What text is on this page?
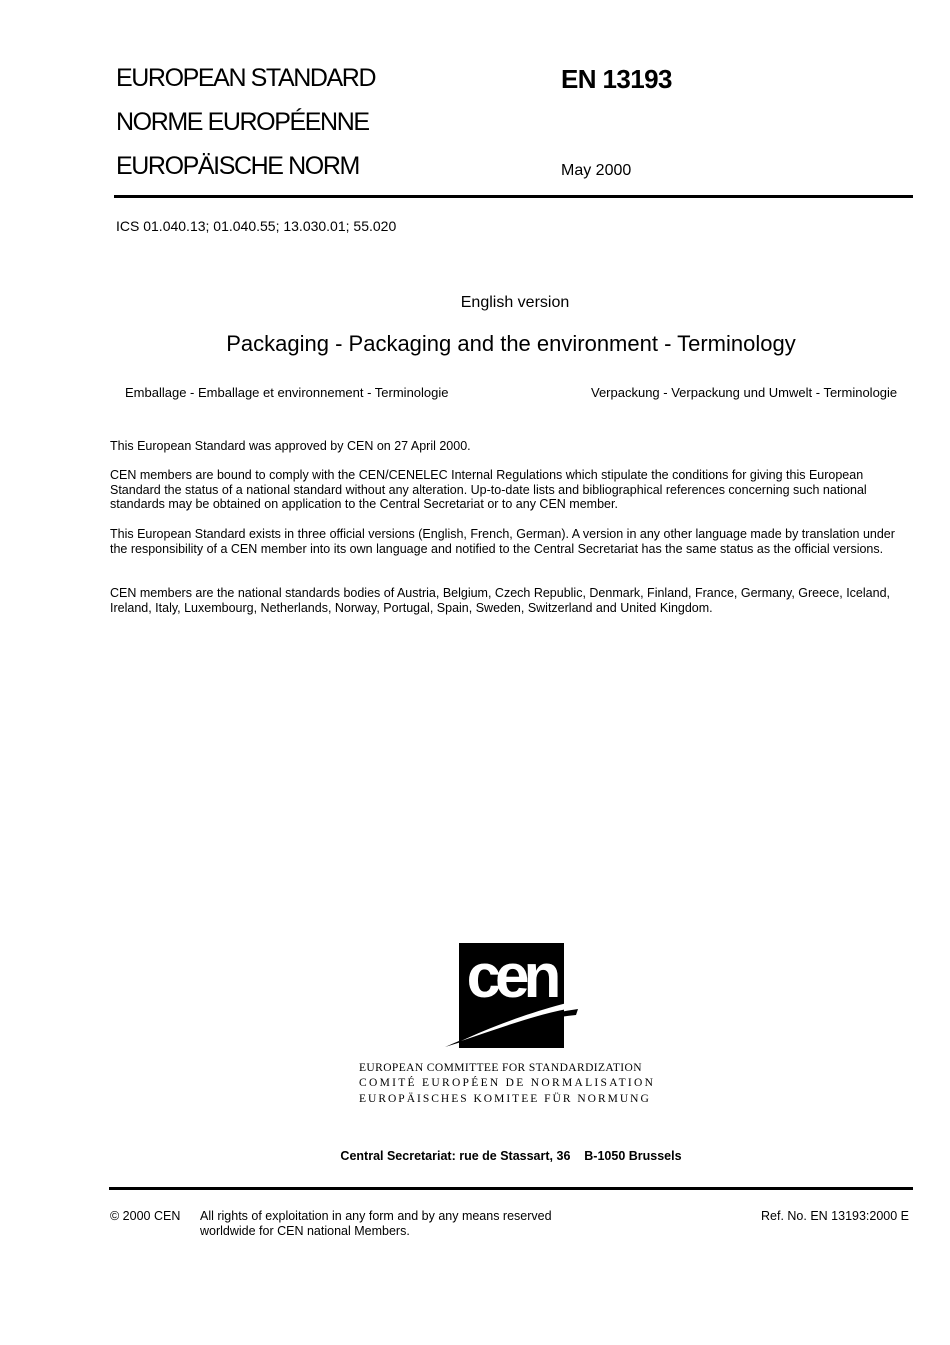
EUROPEAN STANDARD
NORME EUROPÉENNE
EUROPÄISCHE NORM
EN 13193
May 2000
ICS 01.040.13; 01.040.55; 13.030.01; 55.020
English version
Packaging - Packaging and the environment - Terminology
Emballage - Emballage et environnement - Terminologie	Verpackung - Verpackung und Umwelt - Terminologie

This European Standard was approved by CEN on 27 April 2000.

CEN members are bound to comply with the CEN/CENELEC Internal Regulations which stipulate the conditions for giving this European Standard the status of a national standard without any alteration. Up-to-date lists and bibliographical references concerning such national standards may be obtained on application to the Central Secretariat or to any CEN member.

This European Standard exists in three official versions (English, French, German). A version in any other language made by translation under the responsibility of a CEN member into its own language and notified to the Central Secretariat has the same status as the official versions.

CEN members are the national standards bodies of Austria, Belgium, Czech Republic, Denmark, Finland, France, Germany, Greece, Iceland, Ireland, Italy, Luxembourg, Netherlands, Norway, Portugal, Spain, Sweden, Switzerland and United Kingdom.

cen
EUROPEAN COMMITTEE FOR STANDARDIZATION
COMITÉ EUROPÉEN DE NORMALISATION
EUROPÄISCHES KOMITEE FÜR NORMUNG
Central Secretariat: rue de Stassart, 36    B-1050 Brussels
© 2000 CEN All rights of exploitation in any form and by any means reserved
worldwide for CEN national Members.
Ref. No. EN 13193:2000 E
